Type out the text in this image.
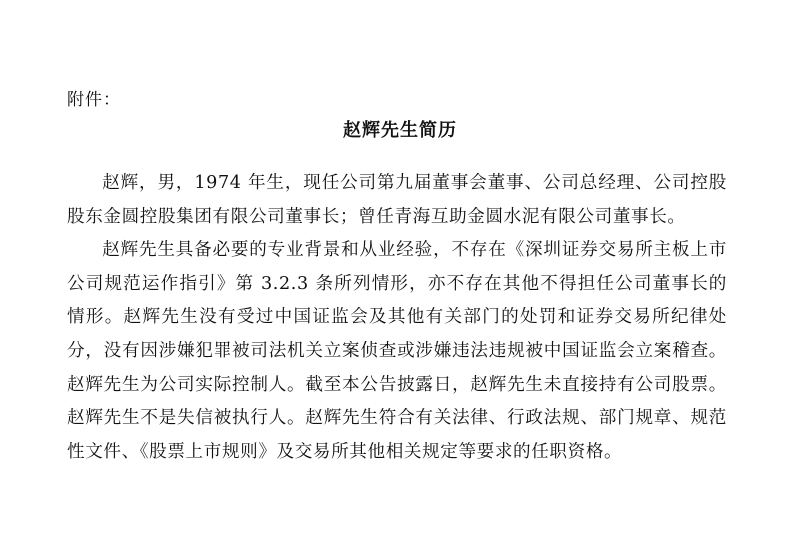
附件：
赵辉先生简历

赵辉，男，1974 年生，现任公司第九届董事会董事、公司总经理、公司控股股东金圆控股集团有限公司董事长；曾任青海互助金圆水泥有限公司董事长。

赵辉先生具备必要的专业背景和从业经验，不存在《深圳证券交易所主板上市公司规范运作指引》第 3.2.3 条所列情形，亦不存在其他不得担任公司董事长的情形。赵辉先生没有受过中国证监会及其他有关部门的处罚和证券交易所纪律处分，没有因涉嫌犯罪被司法机关立案侦查或涉嫌违法违规被中国证监会立案稽查。赵辉先生为公司实际控制人。截至本公告披露日，赵辉先生未直接持有公司股票。赵辉先生不是失信被执行人。赵辉先生符合有关法律、行政法规、部门规章、规范性文件、《股票上市规则》及交易所其他相关规定等要求的任职资格。
